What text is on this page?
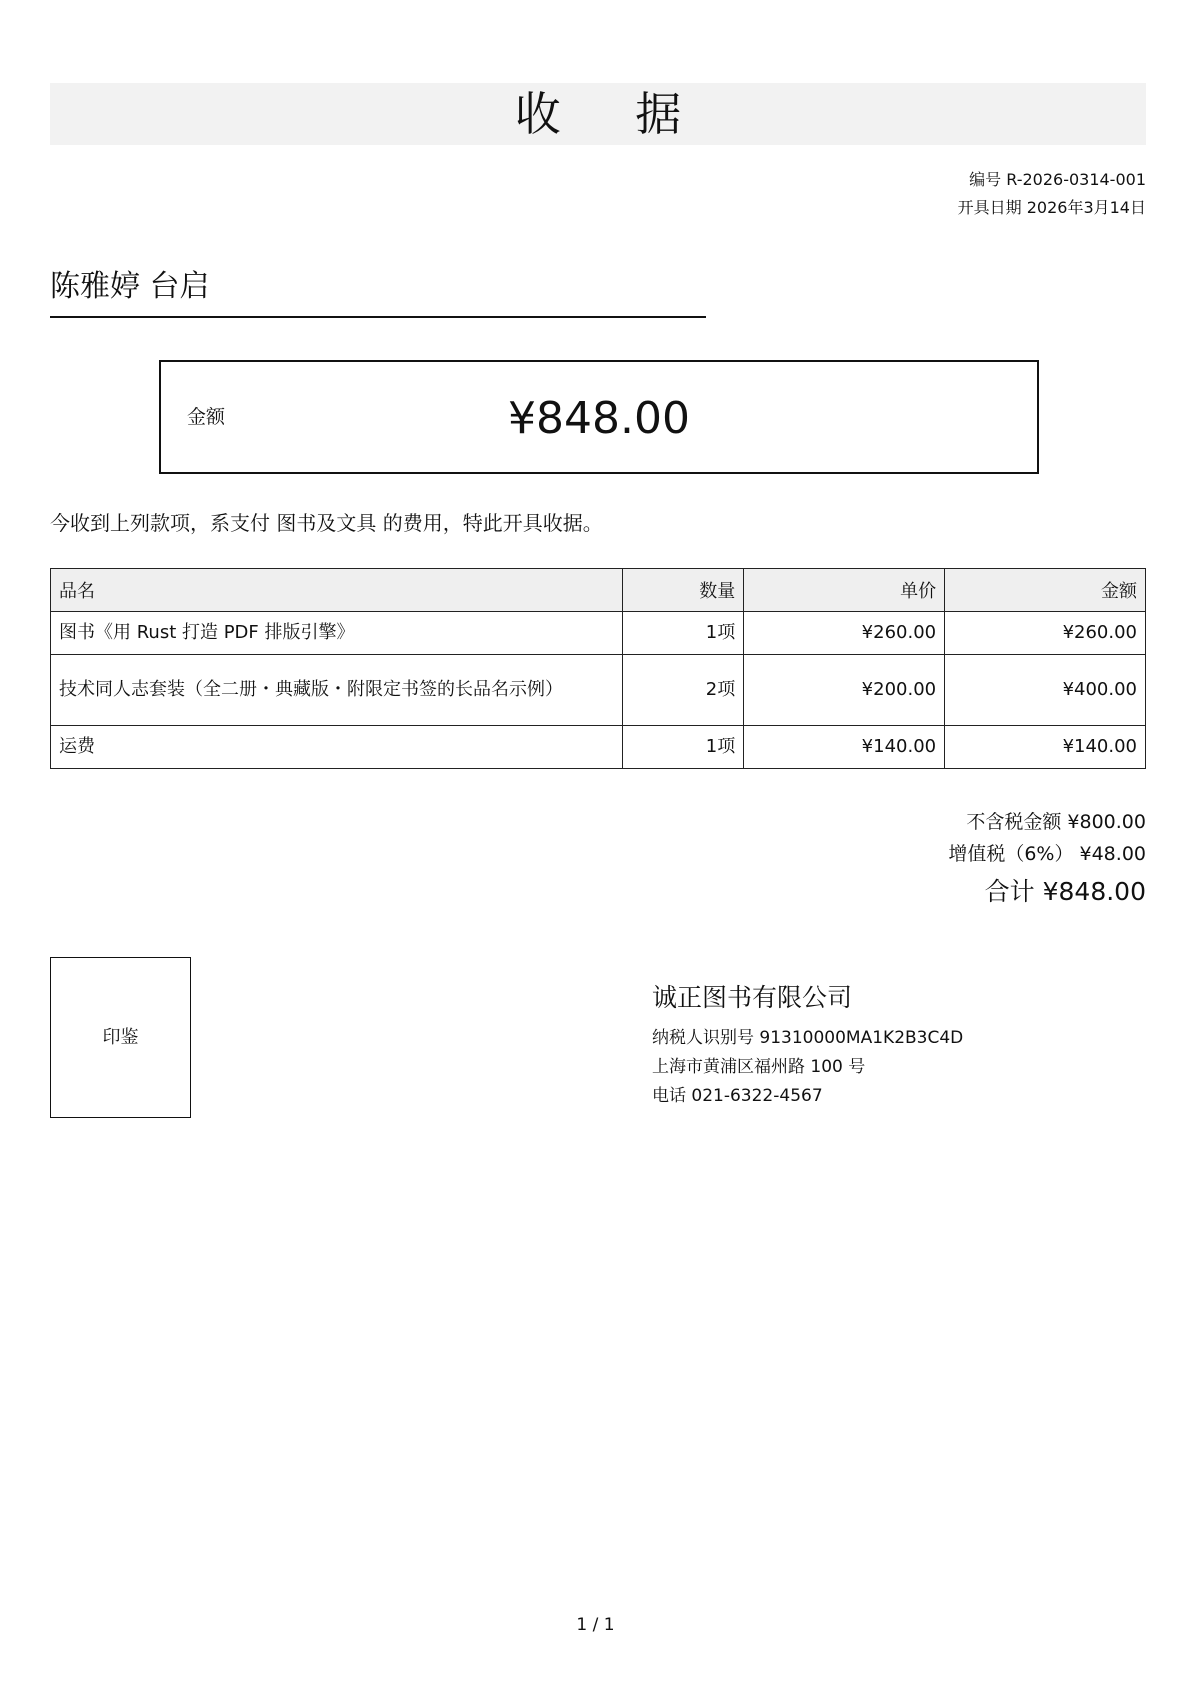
收 据
编号 R-2026-0314-001
开具日期 2026年3月14日
陈雅婷 台启
金额	¥848.00
今收到上列款项，系支付 图书及文具 的费用，特此开具收据。
品名	数量	单价	金额
图书《用 Rust 打造 PDF 排版引擎》	1项	¥260.00	¥260.00
技术同人志套装（全二册・典藏版・附限定书签的长品名示例）	2项	¥200.00	¥400.00
运费	1项	¥140.00	¥140.00
不含税金额 ¥800.00
增值税（6%） ¥48.00
合计 ¥848.00
印鉴
诚正图书有限公司
纳税人识别号 91310000MA1K2B3C4D
上海市黄浦区福州路 100 号
电话 021-6322-4567
1 / 1
